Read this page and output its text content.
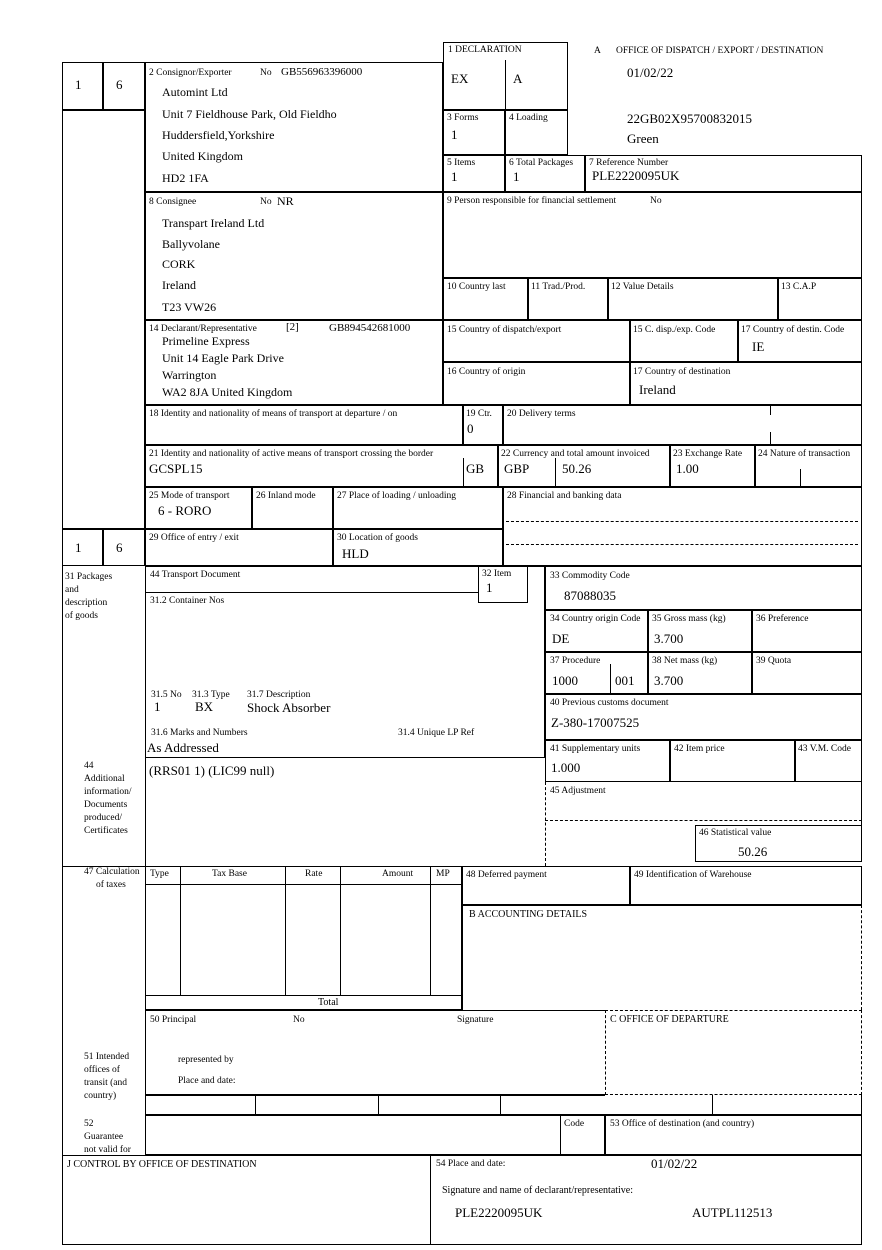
1	6
1	6
1 DECLARATION
EX	A
A OFFICE OF DISPATCH / EXPORT / DESTINATION
01/02/22
22GB02X95700832015
Green
2 Consignor/Exporter	No GB556963396000
Automint Ltd
Unit 7 Fieldhouse Park, Old Fieldho
Huddersfield,Yorkshire
United Kingdom
HD2 1FA
3 Forms
1
4 Loading
5 Items
1
6 Total Packages
1
7 Reference Number
PLE2220095UK
8 Consignee	No NR
Transpart Ireland Ltd
Ballyvolane
CORK
Ireland
T23 VW26
9 Person responsible for financial settlement	No
10 Country last	11 Trad./Prod.	12 Value Details	13 C.A.P
14 Declarant/Representative	[2]	GB894542681000
Primeline Express
Unit 14 Eagle Park Drive
Warrington
WA2 8JA United Kingdom
15 Country of dispatch/export	15 C. disp./exp. Code	17 Country of destin. Code
IE
16 Country of origin	17 Country of destination
Ireland
18 Identity and nationality of means of transport at departure / on	19 Ctr.
0
20 Delivery terms
21 Identity and nationality of active means of transport crossing the border
GCSPL15	GB
22 Currency and total amount invoiced
GBP	50.26
23 Exchange Rate
1.00
24 Nature of transaction
25 Mode of transport
6 - RORO
26 Inland mode 27 Place of loading / unloading	28 Financial and banking data
29 Office of entry / exit	30 Location of goods
HLD
31 Packages
and
description
of goods
44 Transport Document
31.2 Container Nos
32 Item
1
31.5 No
1
31.3 Type
BX
31.7 Description
Shock Absorber
31.6 Marks and Numbers	31.4 Unique LP Ref
As Addressed
33 Commodity Code
87088035
34 Country origin Code
DE
35 Gross mass (kg)
3.700
36 Preference
37 Procedure
1000	001
38 Net mass (kg)
3.700
39 Quota
40 Previous customs document
Z-380-17007525
41 Supplementary units
1.000
42 Item price	43 V.M. Code
44
Additional
information/
Documents
produced/
Certificates
(RRS01 1) (LIC99 null)
45 Adjustment
46 Statistical value
50.26
47 Calculation
of taxes
Type	Tax Base	Rate	Amount MP
Total
48 Deferred payment	49 Identification of Warehouse
B ACCOUNTING DETAILS
50 Principal	No	Signature
represented by
Place and date:
C OFFICE OF DEPARTURE
51 Intended
offices of
transit (and
country)
52
Guarantee
not valid for
Code	53 Office of destination (and country)
J CONTROL BY OFFICE OF DESTINATION	54 Place and date:	01/02/22
Signature and name of declarant/representative:
PLE2220095UK	AUTPL112513
